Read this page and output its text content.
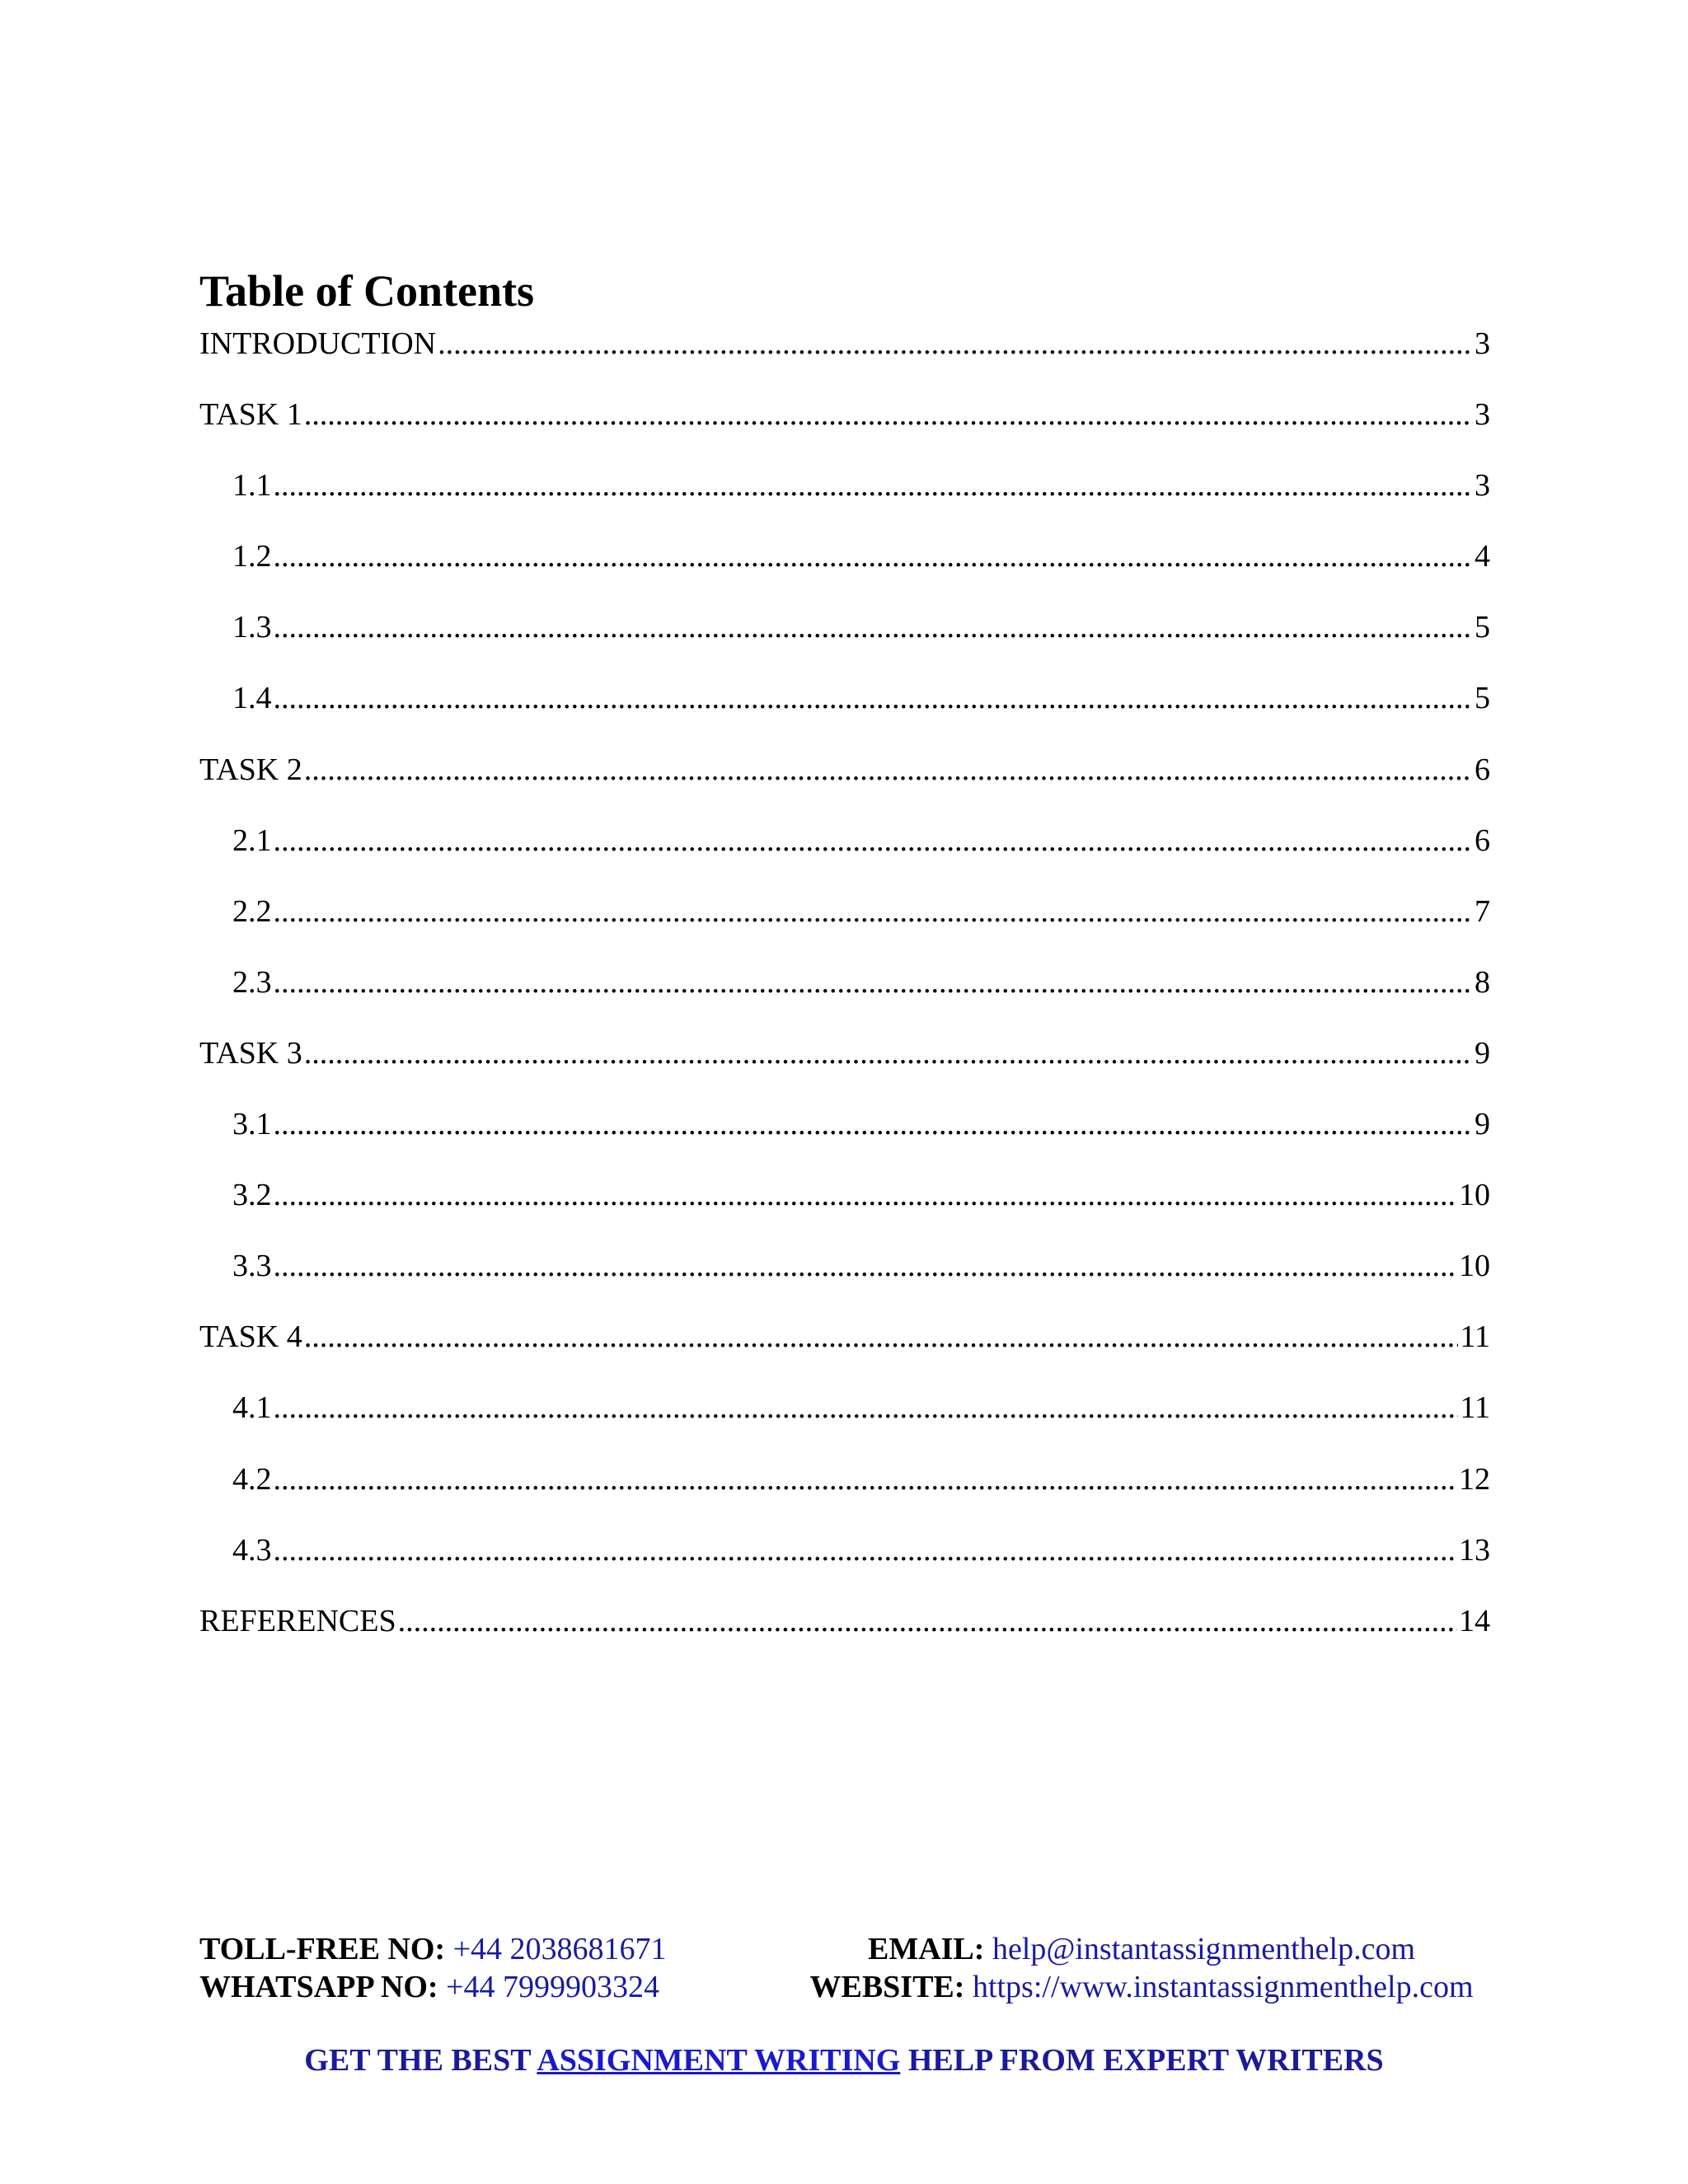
Table of Contents
INTRODUCTION .....	3
TASK 1 .....	3
1.1 .....	3
1.2 .....	4
1.3 .....	5
1.4 .....	5
TASK 2 .....	6
2.1 .....	6
2.2 .....	7
2.3 .....	8
TASK 3 .....	9
3.1 .....	9
3.2 .....	10
3.3 .....	10
TASK 4 .....	11
4.1 .....	11
4.2 .....	12
4.3 .....	13
REFERENCES .....	14
TOLL-FREE NO: +44 2038681671	EMAIL: help@instantassignmenthelp.com
WHATSAPP NO: +44 7999903324	WEBSITE: https://www.instantassignmenthelp.com
GET THE BEST ASSIGNMENT WRITING HELP FROM EXPERT WRITERS
